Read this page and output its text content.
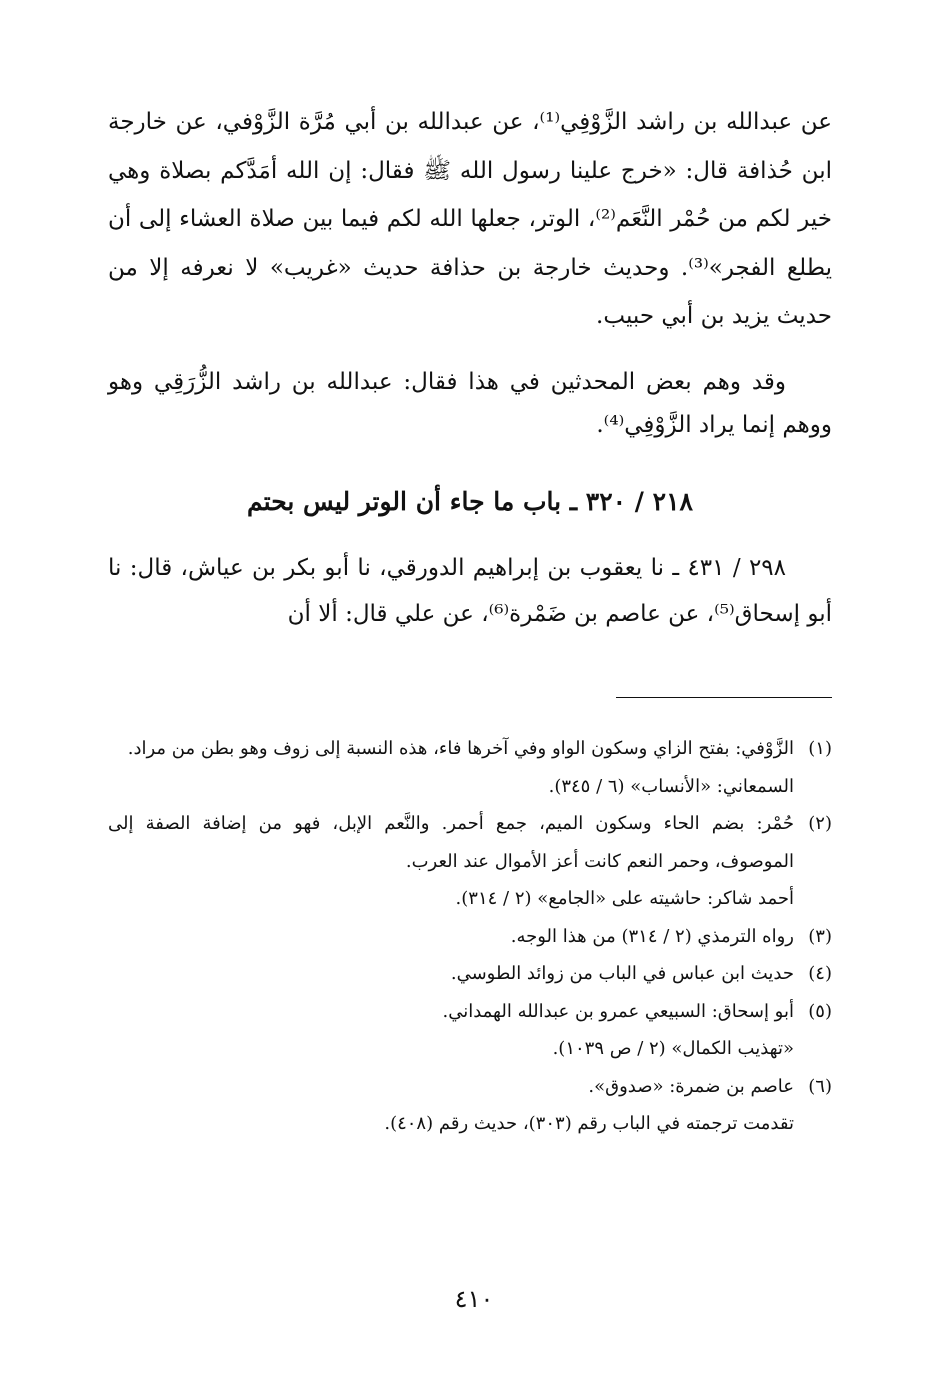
عن عبدالله بن راشد الزَّوْفِي⁽¹⁾، عن عبدالله بن أبي مُرَّة الزَّوْفي، عن خارجة ابن حُذافة قال: «خرج علينا رسول الله ﷺ فقال: إن الله أمَدَّكم بصلاة وهي خير لكم من حُمْر النَّعَم⁽²⁾، الوتر، جعلها الله لكم فيما بين صلاة العشاء إلى أن يطلع الفجر»⁽³⁾. وحديث خارجة بن حذافة حديث «غريب» لا نعرفه إلا من حديث يزيد بن أبي حبيب.

وقد وهم بعض المحدثين في هذا فقال: عبدالله بن راشد الزُّرَقِي وهو ووهم إنما يراد الزَّوْفِي⁽⁴⁾.

٢١٨ / ٣٢٠ ـ باب ما جاء أن الوتر ليس بحتم

٢٩٨ / ٤٣١ ـ نا يعقوب بن إبراهيم الدورقي، نا أبو بكر بن عياش، قال: نا أبو إسحاق⁽⁵⁾، عن عاصم بن ضَمْرة⁽⁶⁾، عن علي قال: ألا أن

(١)
الزَّوْفي: بفتح الزاي وسكون الواو وفي آخرها فاء، هذه النسبة إلى زوف وهو بطن من مراد.
السمعاني: «الأنساب» (٦ / ٣٤٥).
(٢)
حُمْر: بضم الحاء وسكون الميم، جمع أحمر. والنَّعم الإبل، فهو من إضافة الصفة إلى الموصوف، وحمر النعم كانت أعز الأموال عند العرب.
أحمد شاكر: حاشيته على «الجامع» (٢ / ٣١٤).
(٣)
رواه الترمذي (٢ / ٣١٤) من هذا الوجه.
(٤)
حديث ابن عباس في الباب من زوائد الطوسي.
(٥)
أبو إسحاق: السبيعي عمرو بن عبدالله الهمداني.
«تهذيب الكمال» (٢ / ص ١٠٣٩).
(٦)
عاصم بن ضمرة: «صدوق».
تقدمت ترجمته في الباب رقم (٣٠٣)، حديث رقم (٤٠٨).
٤١٠
